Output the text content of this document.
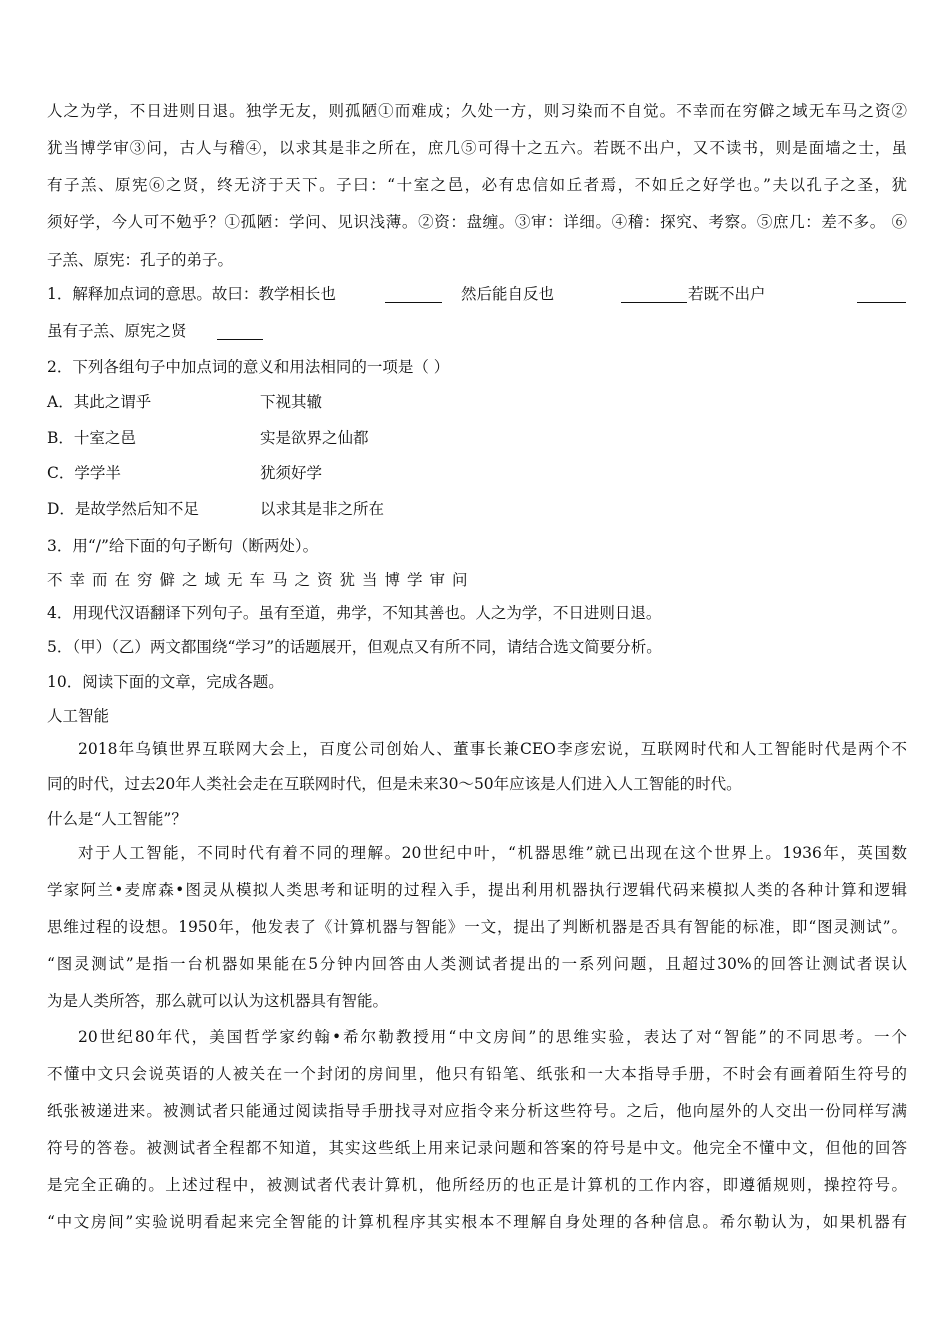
人之为学，不日进则日退。独学无友，则孤陋①而难成；久处一方，则习染而不自觉。不幸而在穷僻之域无车马之资②
犹当博学审③问，古人与稽④，以求其是非之所在，庶几⑤可得十之五六。若既不出户，又不读书，则是面墙之士，虽
有子羔、原宪⑥之贤，终无济于天下。子曰：“十室之邑，必有忠信如丘者焉，不如丘之好学也。”夫以孔子之圣，犹
须好学，今人可不勉乎？①孤陋：学问、见识浅薄。②资：盘缠。③审：详细。④稽：探究、考察。⑤庶几：差不多。 ⑥
子羔、原宪：孔子的弟子。
1．解释加点词的意思。故曰：教学相长也	然后能自反也	若既不出户
虽有子羔、原宪之贤
2．下列各组句子中加点词的意义和用法相同的一项是（ ）
A．其此之谓乎	下视其辙
B．十室之邑	实是欲界之仙都
C．学学半	犹须好学
D．是故学然后知不足	以求其是非之所在
3．用“/”给下面的句子断句（断两处）。
不幸而在穷僻之域无车马之资犹当博学审问
4．用现代汉语翻译下列句子。虽有至道，弗学，不知其善也。人之为学，不日进则日退。
5．（甲）（乙）两文都围绕“学习”的话题展开，但观点又有所不同，请结合选文简要分析。
10．阅读下面的文章，完成各题。
人工智能
2018年乌镇世界互联网大会上，百度公司创始人、董事长兼CEO李彦宏说，互联网时代和人工智能时代是两个不
同的时代，过去20年人类社会走在互联网时代，但是未来30～50年应该是人们进入人工智能的时代。
什么是“人工智能”？
对于人工智能，不同时代有着不同的理解。20世纪中叶，“机器思维”就已出现在这个世界上。1936年，英国数
学家阿兰•麦席森•图灵从模拟人类思考和证明的过程入手，提出利用机器执行逻辑代码来模拟人类的各种计算和逻辑
思维过程的设想。1950年，他发表了《计算机器与智能》一文，提出了判断机器是否具有智能的标准，即“图灵测试”。
“图灵测试”是指一台机器如果能在5分钟内回答由人类测试者提出的一系列问题，且超过30%的回答让测试者误认
为是人类所答，那么就可以认为这机器具有智能。
20世纪80年代，美国哲学家约翰•希尔勒教授用“中文房间”的思维实验，表达了对“智能”的不同思考。一个
不懂中文只会说英语的人被关在一个封闭的房间里，他只有铅笔、纸张和一大本指导手册，不时会有画着陌生符号的
纸张被递进来。被测试者只能通过阅读指导手册找寻对应指令来分析这些符号。之后，他向屋外的人交出一份同样写满
符号的答卷。被测试者全程都不知道，其实这些纸上用来记录问题和答案的符号是中文。他完全不懂中文，但他的回答
是完全正确的。上述过程中，被测试者代表计算机，他所经历的也正是计算机的工作内容，即遵循规则，操控符号。
“中文房间”实验说明看起来完全智能的计算机程序其实根本不理解自身处理的各种信息。希尔勒认为，如果机器有
